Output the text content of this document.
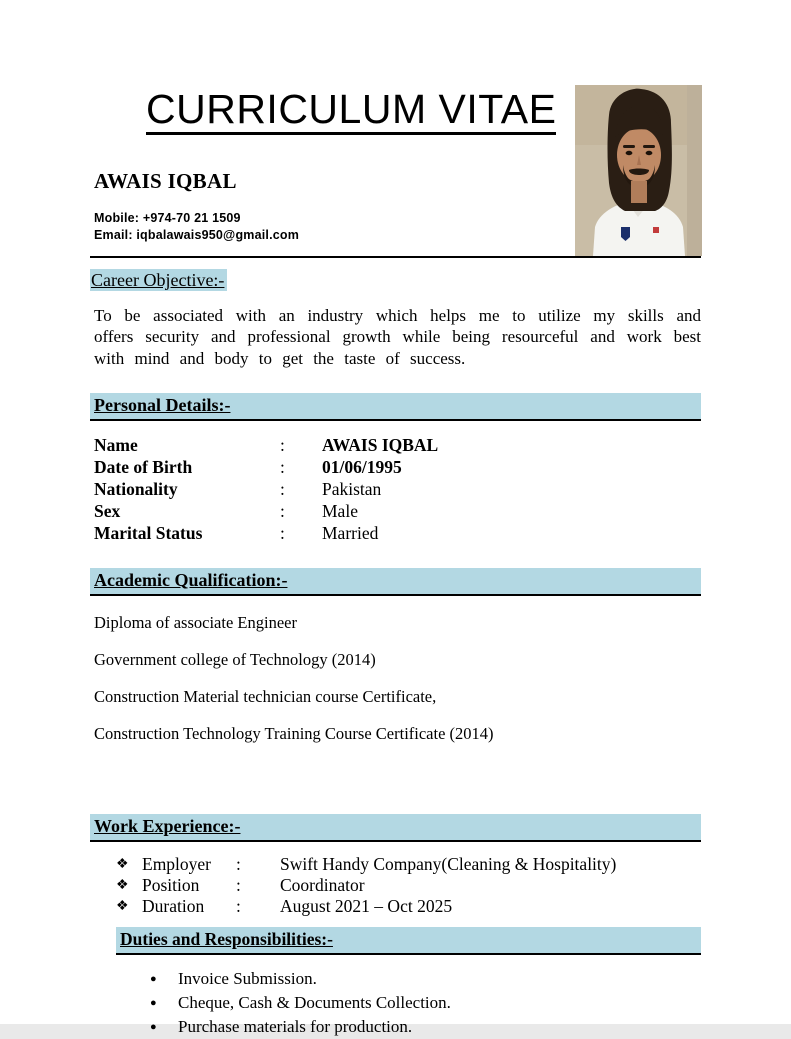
CURRICULUM VITAE
AWAIS IQBAL
Mobile: +974-70 21 1509
Email: iqbalawais950@gmail.com
Career Objective:-

To be associated with an industry which helps me to utilize my skills and offers security and professional growth while being resourceful and work best with mind and body to get the taste of success.

Personal Details:-
Name	:	AWAIS IQBAL
Date of Birth	:	01/06/1995
Nationality	:	Pakistan
Sex	:	Male
Marital Status	:	Married
Academic Qualification:-
Diploma of associate Engineer
Government college of Technology (2014)
Construction Material technician course Certificate,
Construction Technology Training Course Certificate (2014)
Work Experience:-
❖ Employer	:	Swift Handy Company(Cleaning & Hospitality)
❖ Position	:	Coordinator
❖ Duration	:	August 2021 – Oct 2025
Duties and Responsibilities:-
●	Invoice Submission.
●	Cheque, Cash & Documents Collection.
●	Purchase materials for production.
